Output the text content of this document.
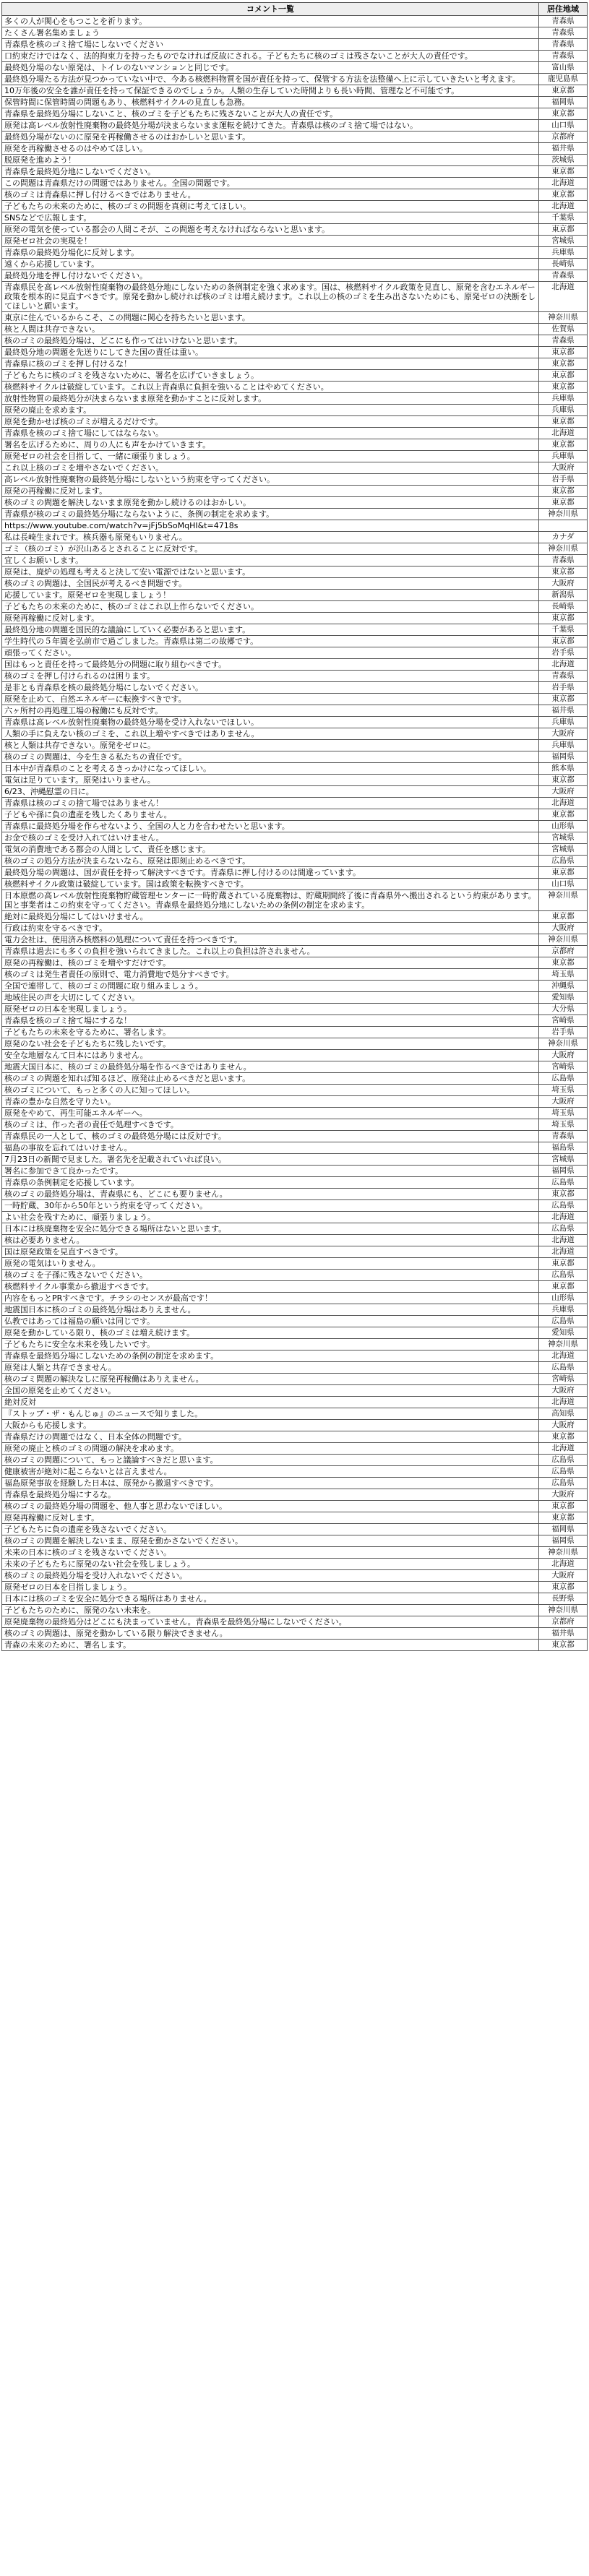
コメント一覧	居住地域
多くの人が関心をもつことを祈ります。	青森県
たくさん署名集めましょう	青森県
青森県を核のゴミ捨て場にしないでください	青森県
口約束だけではなく、法的拘束力を持ったものでなければ反故にされる。子どもたちに核のゴミは残さないことが大人の責任です。	青森県
最終処分場のない原発は、トイレのないマンションと同じです。	富山県
最終処分場たる方法が見つかっていない中で、今ある核燃料物質を国が責任を持って、保管する方法を法整備へ上に示していきたいと考えます。	鹿児島県
10万年後の安全を誰が責任を持って保証できるのでしょうか。人類の生存していた時間よりも長い時間、管理など不可能です。	東京都
保管時間に保管時間の問題もあり、核燃料サイクルの見直しも急務。	福岡県
青森県を最終処分場にしないこと、核のゴミを子どもたちに残さないことが大人の責任です。	東京都
原発は高レベル放射性廃棄物の最終処分場が決まらないまま運転を続けてきた。青森県は核のゴミ捨て場ではない。	山口県
最終処分場がないのに原発を再稼働させるのはおかしいと思います。	京都府
原発を再稼働させるのはやめてほしい。	福井県
脱原発を進めよう！	茨城県
青森県を最終処分地にしないでください。	東京都
この問題は青森県だけの問題ではありません。全国の問題です。	北海道
核のゴミは青森県に押し付けるべきではありません。	東京都
子どもたちの未来のために、核のゴミの問題を真剣に考えてほしい。	北海道
SNSなどで広報します。	千葉県
原発の電気を使っている都会の人間こそが、この問題を考えなければならないと思います。	東京都
原発ゼロ社会の実現を！	宮城県
青森県の最終処分場化に反対します。	兵庫県
遠くから応援しています。	長崎県
最終処分地を押し付けないでください。	青森県
青森県民を高レベル放射性廃棄物の最終処分地にしないための条例制定を強く求めます。国は、核燃料サイクル政策を見直し、原発を含むエネルギー政策を根本的に見直すべきです。原発を動かし続ければ核のゴミは増え続けます。これ以上の核のゴミを生み出さないためにも、原発ゼロの決断をしてほしいと願います。	北海道
東京に住んでいるからこそ、この問題に関心を持ちたいと思います。	神奈川県
核と人間は共存できない。	佐賀県
核のゴミの最終処分場は、どこにも作ってはいけないと思います。	青森県
最終処分地の問題を先送りにしてきた国の責任は重い。	東京都
青森県に核のゴミを押し付けるな！	東京都
子どもたちに核のゴミを残さないために、署名を広げていきましょう。	東京都
核燃料サイクルは破綻しています。これ以上青森県に負担を強いることはやめてください。	東京都
放射性物質の最終処分が決まらないまま原発を動かすことに反対します。	兵庫県
原発の廃止を求めます。	兵庫県
原発を動かせば核のゴミが増えるだけです。	東京都
青森県を核のゴミ捨て場にしてはならない。	北海道
署名を広げるために、周りの人にも声をかけていきます。	東京都
原発ゼロの社会を目指して、一緒に頑張りましょう。	兵庫県
これ以上核のゴミを増やさないでください。	大阪府
高レベル放射性廃棄物の最終処分場にしないという約束を守ってください。	岩手県
原発の再稼働に反対します。	東京都
核のゴミの問題を解決しないまま原発を動かし続けるのはおかしい。	東京都
青森県が核のゴミの最終処分場にならないように、条例の制定を求めます。	神奈川県
https://www.youtube.com/watch?v=jFj5bSoMqHI&t=4718s	
私は長崎生まれです。核兵器も原発もいりません。	カナダ
ゴミ（核のゴミ）が沢山あるとされることに反対です。	神奈川県
宜しくお願いします。	青森県
原発は、廃炉の処理も考えると決して安い電源ではないと思います。	東京都
核のゴミの問題は、全国民が考えるべき問題です。	大阪府
応援しています。原発ゼロを実現しましょう！	新潟県
子どもたちの未来のために、核のゴミはこれ以上作らないでください。	長崎県
原発再稼働に反対します。	東京都
最終処分地の問題を国民的な議論にしていく必要があると思います。	千葉県
学生時代の５年間を弘前市で過ごしました。青森県は第二の故郷です。	東京都
頑張ってください。	岩手県
国はもっと責任を持って最終処分の問題に取り組むべきです。	北海道
核のゴミを押し付けられるのは困ります。	青森県
是非とも青森県を核の最終処分場にしないでください。	岩手県
原発を止めて、自然エネルギーに転換すべきです。	東京都
六ヶ所村の再処理工場の稼働にも反対です。	福井県
青森県は高レベル放射性廃棄物の最終処分場を受け入れないでほしい。	兵庫県
人類の手に負えない核のゴミを、これ以上増やすべきではありません。	大阪府
核と人類は共存できない。原発をゼロに。	兵庫県
核のゴミの問題は、今を生きる私たちの責任です。	福岡県
日本中が青森県のことを考えるきっかけになってほしい。	熊本県
電気は足りています。原発はいりません。	東京都
6/23、沖縄慰霊の日に。	大阪府
青森県は核のゴミの捨て場ではありません！	北海道
子どもや孫に負の遺産を残したくありません。	東京都
青森県に最終処分場を作らせないよう、全国の人と力を合わせたいと思います。	山形県
お金で核のゴミを受け入れてはいけません。	宮城県
電気の消費地である都会の人間として、責任を感じます。	宮城県
核のゴミの処分方法が決まらないなら、原発は即刻止めるべきです。	広島県
最終処分場の問題は、国が責任を持って解決すべきです。青森県に押し付けるのは間違っています。	東京都
核燃料サイクル政策は破綻しています。国は政策を転換すべきです。	山口県
日本原燃の高レベル放射性廃棄物貯蔵管理センターに一時貯蔵されている廃棄物は、貯蔵期間終了後に青森県外へ搬出されるという約束があります。国と事業者はこの約束を守ってください。青森県を最終処分地にしないための条例の制定を求めます。	神奈川県
絶対に最終処分場にしてはいけません。	東京都
行政は約束を守るべきです。	大阪府
電力会社は、使用済み核燃料の処理について責任を持つべきです。	神奈川県
青森県は過去にも多くの負担を強いられてきました。これ以上の負担は許されません。	京都府
原発の再稼働は、核のゴミを増やすだけです。	東京都
核のゴミは発生者責任の原則で、電力消費地で処分すべきです。	埼玉県
全国で連帯して、核のゴミの問題に取り組みましょう。	沖縄県
地域住民の声を大切にしてください。	愛知県
原発ゼロの日本を実現しましょう。	大分県
青森県を核のゴミ捨て場にするな！	宮崎県
子どもたちの未来を守るために、署名します。	岩手県
原発のない社会を子どもたちに残したいです。	神奈川県
安全な地層なんて日本にはありません。	大阪府
地震大国日本に、核のゴミの最終処分場を作るべきではありません。	宮崎県
核のゴミの問題を知れば知るほど、原発は止めるべきだと思います。	広島県
核のゴミについて、もっと多くの人に知ってほしい。	埼玉県
青森の豊かな自然を守りたい。	大阪府
原発をやめて、再生可能エネルギーへ。	埼玉県
核のゴミは、作った者の責任で処理すべきです。	埼玉県
青森県民の一人として、核のゴミの最終処分場には反対です。	青森県
福島の事故を忘れてはいけません。	福島県
7月23日の新聞で見ました。署名先を記載されていれば良い。	宮城県
署名に参加できて良かったです。	福岡県
青森県の条例制定を応援しています。	広島県
核のゴミの最終処分場は、青森県にも、どこにも要りません。	東京都
一時貯蔵、30年から50年という約束を守ってください。	広島県
よい社会を残すために、頑張りましょう。	北海道
日本には核廃棄物を安全に処分できる場所はないと思います。	広島県
核は必要ありません。	北海道
国は原発政策を見直すべきです。	北海道
原発の電気はいりません。	東京都
核のゴミを子孫に残さないでください。	広島県
核燃料サイクル事業から撤退すべきです。	東京都
内容をもっとPRすべきです。チラシのセンスが最高です！	山形県
地震国日本に核のゴミの最終処分場はありえません。	兵庫県
仏教ではあっては福島の願いは同じです。	広島県
原発を動かしている限り、核のゴミは増え続けます。	愛知県
子どもたちに安全な未来を残したいです。	神奈川県
青森県を最終処分場にしないための条例の制定を求めます。	北海道
原発は人類と共存できません。	広島県
核のゴミ問題の解決なしに原発再稼働はありえません。	宮崎県
全国の原発を止めてください。	大阪府
絶対反対	北海道
『ストップ・ザ・もんじゅ』のニュースで知りました。	高知県
大阪からも応援します。	大阪府
青森県だけの問題ではなく、日本全体の問題です。	東京都
原発の廃止と核のゴミの問題の解決を求めます。	北海道
核のゴミの問題について、もっと議論すべきだと思います。	広島県
健康被害が絶対に起こらないとは言えません。	広島県
福島原発事故を経験した日本は、原発から撤退すべきです。	広島県
青森県を最終処分場にするな。	大阪府
核のゴミの最終処分場の問題を、他人事と思わないでほしい。	東京都
原発再稼働に反対します。	東京都
子どもたちに負の遺産を残さないでください。	福岡県
核のゴミの問題を解決しないまま、原発を動かさないでください。	福岡県
未来の日本に核のゴミを残さないでください。	神奈川県
未来の子どもたちに原発のない社会を残しましょう。	北海道
核のゴミの最終処分場を受け入れないでください。	大阪府
原発ゼロの日本を目指しましょう。	東京都
日本には核のゴミを安全に処分できる場所はありません。	長野県
子どもたちのために、原発のない未来を。	神奈川県
原発廃棄物の最終処分はどこにも決まっていません。青森県を最終処分場にしないでください。	京都府
核のゴミの問題は、原発を動かしている限り解決できません。	福井県
青森の未来のために、署名します。	東京都
